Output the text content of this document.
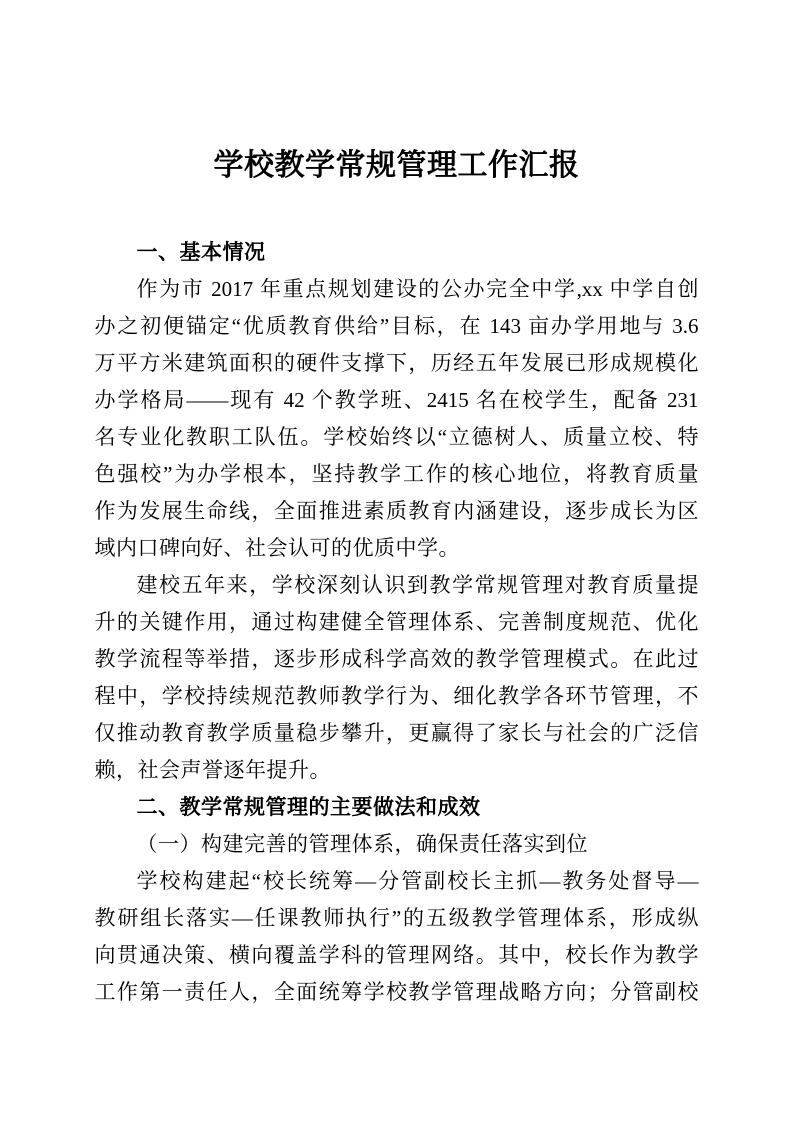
学校教学常规管理工作汇报
一、基本情况
作为市 2017 年重点规划建设的公办完全中学,xx 中学自创
办之初便锚定“优质教育供给”目标，在 143 亩办学用地与 3.6
万平方米建筑面积的硬件支撑下，历经五年发展已形成规模化
办学格局——现有 42 个教学班、2415 名在校学生，配备 231
名专业化教职工队伍。学校始终以“立德树人、质量立校、特
色强校”为办学根本，坚持教学工作的核心地位，将教育质量
作为发展生命线，全面推进素质教育内涵建设，逐步成长为区
域内口碑向好、社会认可的优质中学。
建校五年来，学校深刻认识到教学常规管理对教育质量提
升的关键作用，通过构建健全管理体系、完善制度规范、优化
教学流程等举措，逐步形成科学高效的教学管理模式。在此过
程中，学校持续规范教师教学行为、细化教学各环节管理，不
仅推动教育教学质量稳步攀升，更赢得了家长与社会的广泛信
赖，社会声誉逐年提升。
二、教学常规管理的主要做法和成效
（一）构建完善的管理体系，确保责任落实到位
学校构建起“校长统筹—分管副校长主抓—教务处督导—
教研组长落实—任课教师执行”的五级教学管理体系，形成纵
向贯通决策、横向覆盖学科的管理网络。其中，校长作为教学
工作第一责任人，全面统筹学校教学管理战略方向；分管副校
